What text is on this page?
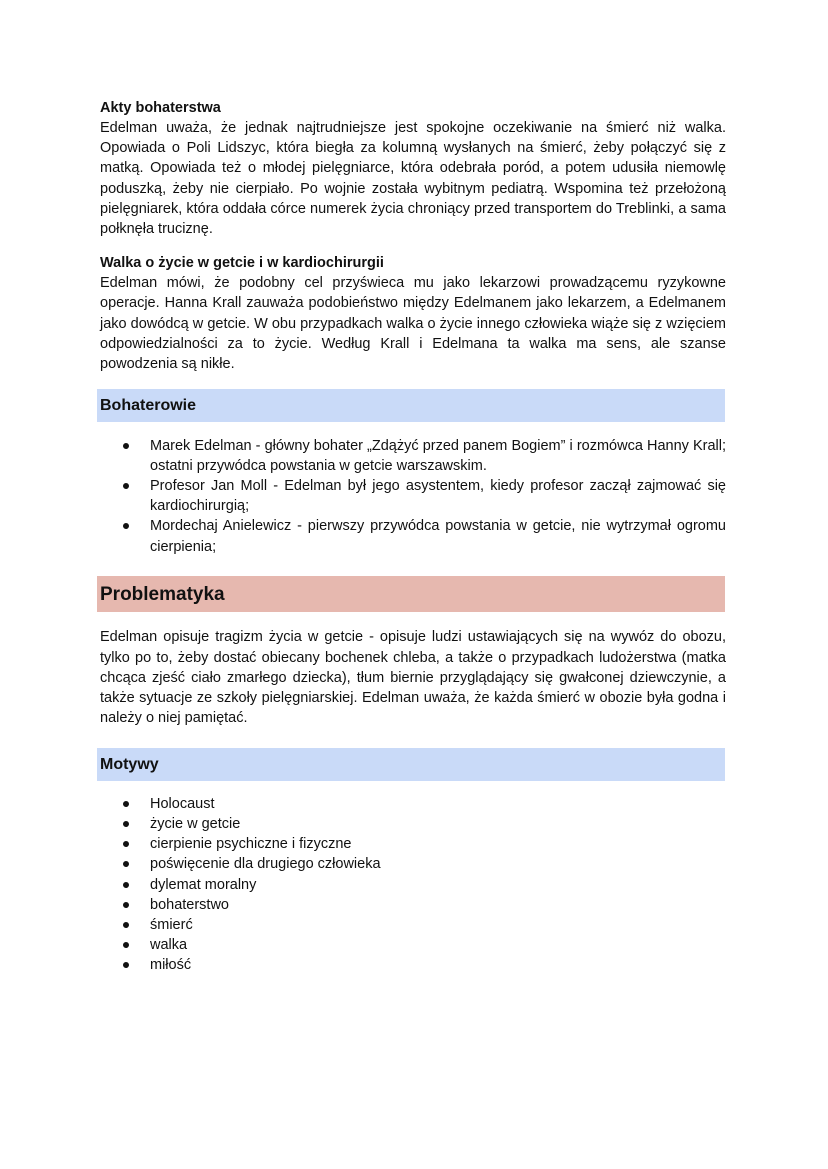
Akty bohaterstwa

Edelman uważa, że jednak najtrudniejsze jest spokojne oczekiwanie na śmierć niż walka. Opowiada o Poli Lidszyc, która biegła za kolumną wysłanych na śmierć, żeby połączyć się z matką. Opowiada też o młodej pielęgniarce, która odebrała poród, a potem udusiła niemowlę poduszką, żeby nie cierpiało. Po wojnie została wybitnym pediatrą. Wspomina też przełożoną pielęgniarek, która oddała córce numerek życia chroniący przed transportem do Treblinki, a sama połknęła truciznę.

Walka o życie w getcie i w kardiochirurgii

Edelman mówi, że podobny cel przyświeca mu jako lekarzowi prowadzącemu ryzykowne operacje. Hanna Krall zauważa podobieństwo między Edelmanem jako lekarzem, a Edelmanem jako dowódcą w getcie. W obu przypadkach walka o życie innego człowieka wiąże się z wzięciem odpowiedzialności za to życie. Według Krall i Edelmana ta walka ma sens, ale szanse powodzenia są nikłe.

Bohaterowie
Marek Edelman - główny bohater „Zdążyć przed panem Bogiem” i rozmówca Hanny Krall; ostatni przywódca powstania w getcie warszawskim.
Profesor Jan Moll - Edelman był jego asystentem, kiedy profesor zaczął zajmować się kardiochirurgią;
Mordechaj Anielewicz - pierwszy przywódca powstania w getcie, nie wytrzymał ogromu cierpienia;
Problematyka

Edelman opisuje tragizm życia w getcie - opisuje ludzi ustawiających się na wywóz do obozu, tylko po to, żeby dostać obiecany bochenek chleba, a także o przypadkach ludożerstwa (matka chcąca zjeść ciało zmarłego dziecka), tłum biernie przyglądający się gwałconej dziewczynie, a także sytuacje ze szkoły pielęgniarskiej. Edelman uważa, że każda śmierć w obozie była godna i należy o niej pamiętać.

Motywy
Holocaust
życie w getcie
cierpienie psychiczne i fizyczne
poświęcenie dla drugiego człowieka
dylemat moralny
bohaterstwo
śmierć
walka
miłość
